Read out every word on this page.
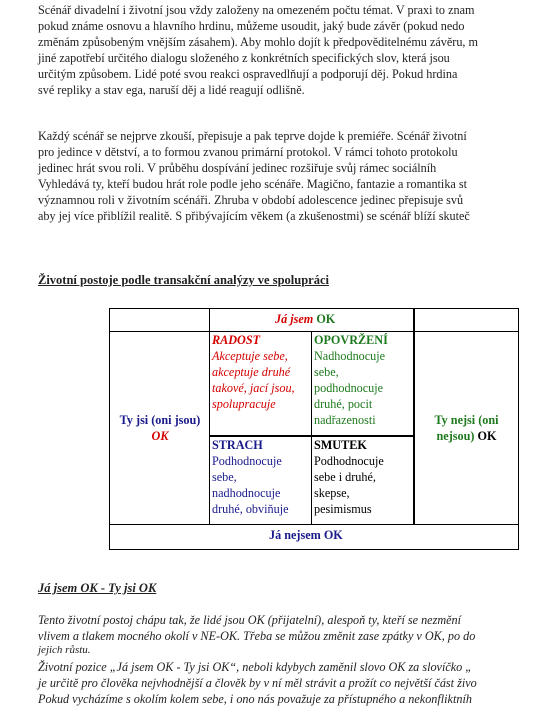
Scénář divadelní i životní jsou vždy založeny na omezeném počtu témat. V praxi to znam
pokud známe osnovu a hlavního hrdinu, můžeme usoudit, jaký bude závěr (pokud nedo
změnám způsobeným vnějším zásahem). Aby mohlo dojít k předpověditelnému závěru, m
jiné zapotřebí určitého dialogu složeného z konkrétních specifických slov, která jsou
určitým způsobem. Lidé poté svou reakci ospravedlňují a podporují děj. Pokud hrdina
své repliky a stav ega, naruší děj a lidé reagují odlišně.
Každý scénář se nejprve zkouší, přepisuje a pak teprve dojde k premiéře. Scénář životní
pro jedince v dětství, a to formou zvanou primární protokol. V rámci tohoto protokolu
jedinec hrát svou roli. V průběhu dospívání jedinec rozšiřuje svůj rámec sociálníh
Vyhledává ty, kteří budou hrát role podle jeho scénáře. Magično, fantazie a romantika st
významnou roli v životním scénáři. Zhruba v období adolescence jedinec přepisuje svů
aby jej více přiblížil realitě. S přibývajícím věkem (a zkušenostmi) se scénář blíží skuteč
Životní postoje podle transakční analýzy ve spolupráci
Já jsem OK
Ty jsi (oni jsou)
OK
Ty nejsi (oni
nejsou) OK
RADOST
Akceptuje sebe,
akceptuje druhé
takové, jací jsou,
spolupracuje
OPOVRŽENÍ
Nadhodnocuje
sebe,
podhodnocuje
druhé, pocit
nadřazenosti
STRACH
Podhodnocuje
sebe,
nadhodnocuje
druhé, obviňuje
SMUTEK
Podhodnocuje
sebe i druhé,
skepse,
pesimismus
Já nejsem OK
Já jsem OK - Ty jsi OK
Tento životní postoj chápu tak, že lidé jsou OK (přijatelní), alespoň ty, kteří se nezmění
vlivem a tlakem mocného okolí v NE-OK. Třeba se můžou změnit zase zpátky v OK, po do
jejich růstu.
Životní pozice „Já jsem OK - Ty jsi OK“, neboli kdybych zaměnil slovo OK za slovíčko „
je určitě pro člověka nejvhodnější a člověk by v ní měl strávit a prožít co největší část živo
Pokud vycházíme s okolím kolem sebe, i ono nás považuje za přístupného a nekonfliktníh
